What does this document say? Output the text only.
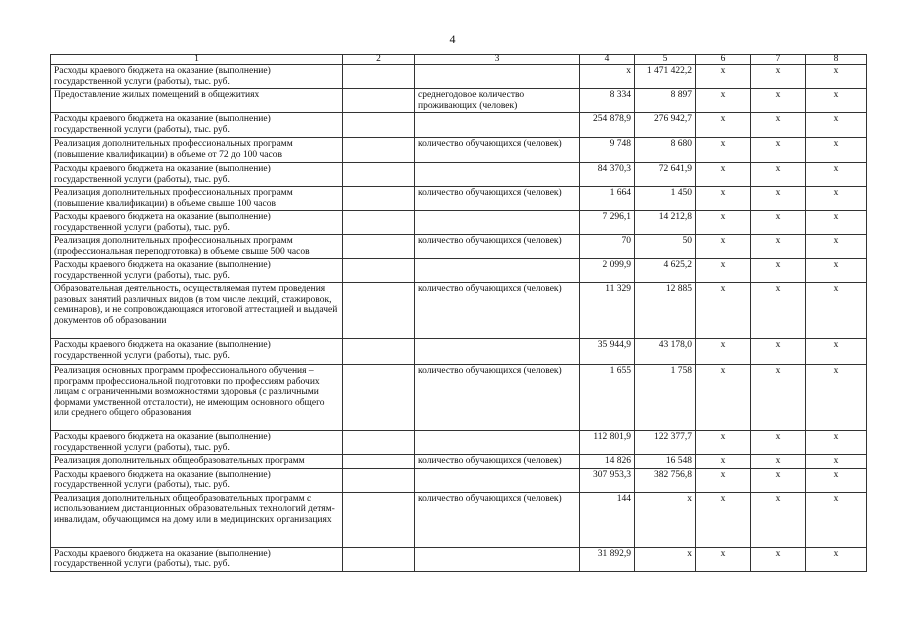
4
1	2	3	4	5	6	7	8
Расходы краевого бюджета на оказание (выполнение) государственной услуги (работы), тыс. руб.			x	1 471 422,2	x	x	x
Предоставление жилых помещений в общежитиях		среднегодовое количество проживающих (человек)	8 334	8 897	x	x	x
Расходы краевого бюджета на оказание (выполнение) государственной услуги (работы), тыс. руб.			254 878,9	276 942,7	x	x	x
Реализация дополнительных профессиональных программ (повышение квалификации) в объеме от 72 до 100 часов		количество обучающихся (человек)	9 748	8 680	x	x	x
Расходы краевого бюджета на оказание (выполнение) государственной услуги (работы), тыс. руб.			84 370,3	72 641,9	x	x	x
Реализация дополнительных профессиональных программ (повышение квалификации) в объеме свыше 100 часов		количество обучающихся (человек)	1 664	1 450	x	x	x
Расходы краевого бюджета на оказание (выполнение) государственной услуги (работы), тыс. руб.			7 296,1	14 212,8	x	x	x
Реализация дополнительных профессиональных программ (профессиональная переподготовка) в объеме свыше 500 часов		количество обучающихся (человек)	70	50	x	x	x
Расходы краевого бюджета на оказание (выполнение) государственной услуги (работы), тыс. руб.			2 099,9	4 625,2	x	x	x
Образовательная деятельность, осуществляемая путем проведения разовых занятий различных видов (в том числе лекций, стажировок, семинаров), и не сопровождающаяся итоговой аттестацией и выдачей документов об образовании		количество обучающихся (человек)	11 329	12 885	x	x	x
Расходы краевого бюджета на оказание (выполнение) государственной услуги (работы), тыс. руб.			35 944,9	43 178,0	x	x	x
Реализация основных программ профессионального обучения – программ профессиональной подготовки по профессиям рабочих лицам с ограниченными возможностями здоровья (с различными формами умственной отсталости), не имеющим основного общего или среднего общего образования		количество обучающихся (человек)	1 655	1 758	x	x	x
Расходы краевого бюджета на оказание (выполнение) государственной услуги (работы), тыс. руб.			112 801,9	122 377,7	x	x	x
Реализация дополнительных общеобразовательных программ		количество обучающихся (человек)	14 826	16 548	x	x	x
Расходы краевого бюджета на оказание (выполнение) государственной услуги (работы), тыс. руб.			307 953,3	382 756,8	x	x	x
Реализация дополнительных общеобразовательных программ с использованием дистанционных образовательных технологий детям-инвалидам, обучающимся на дому или в медицинских организациях		количество обучающихся (человек)	144	x	x	x	x
Расходы краевого бюджета на оказание (выполнение) государственной услуги (работы), тыс. руб.			31 892,9	x	x	x	x
